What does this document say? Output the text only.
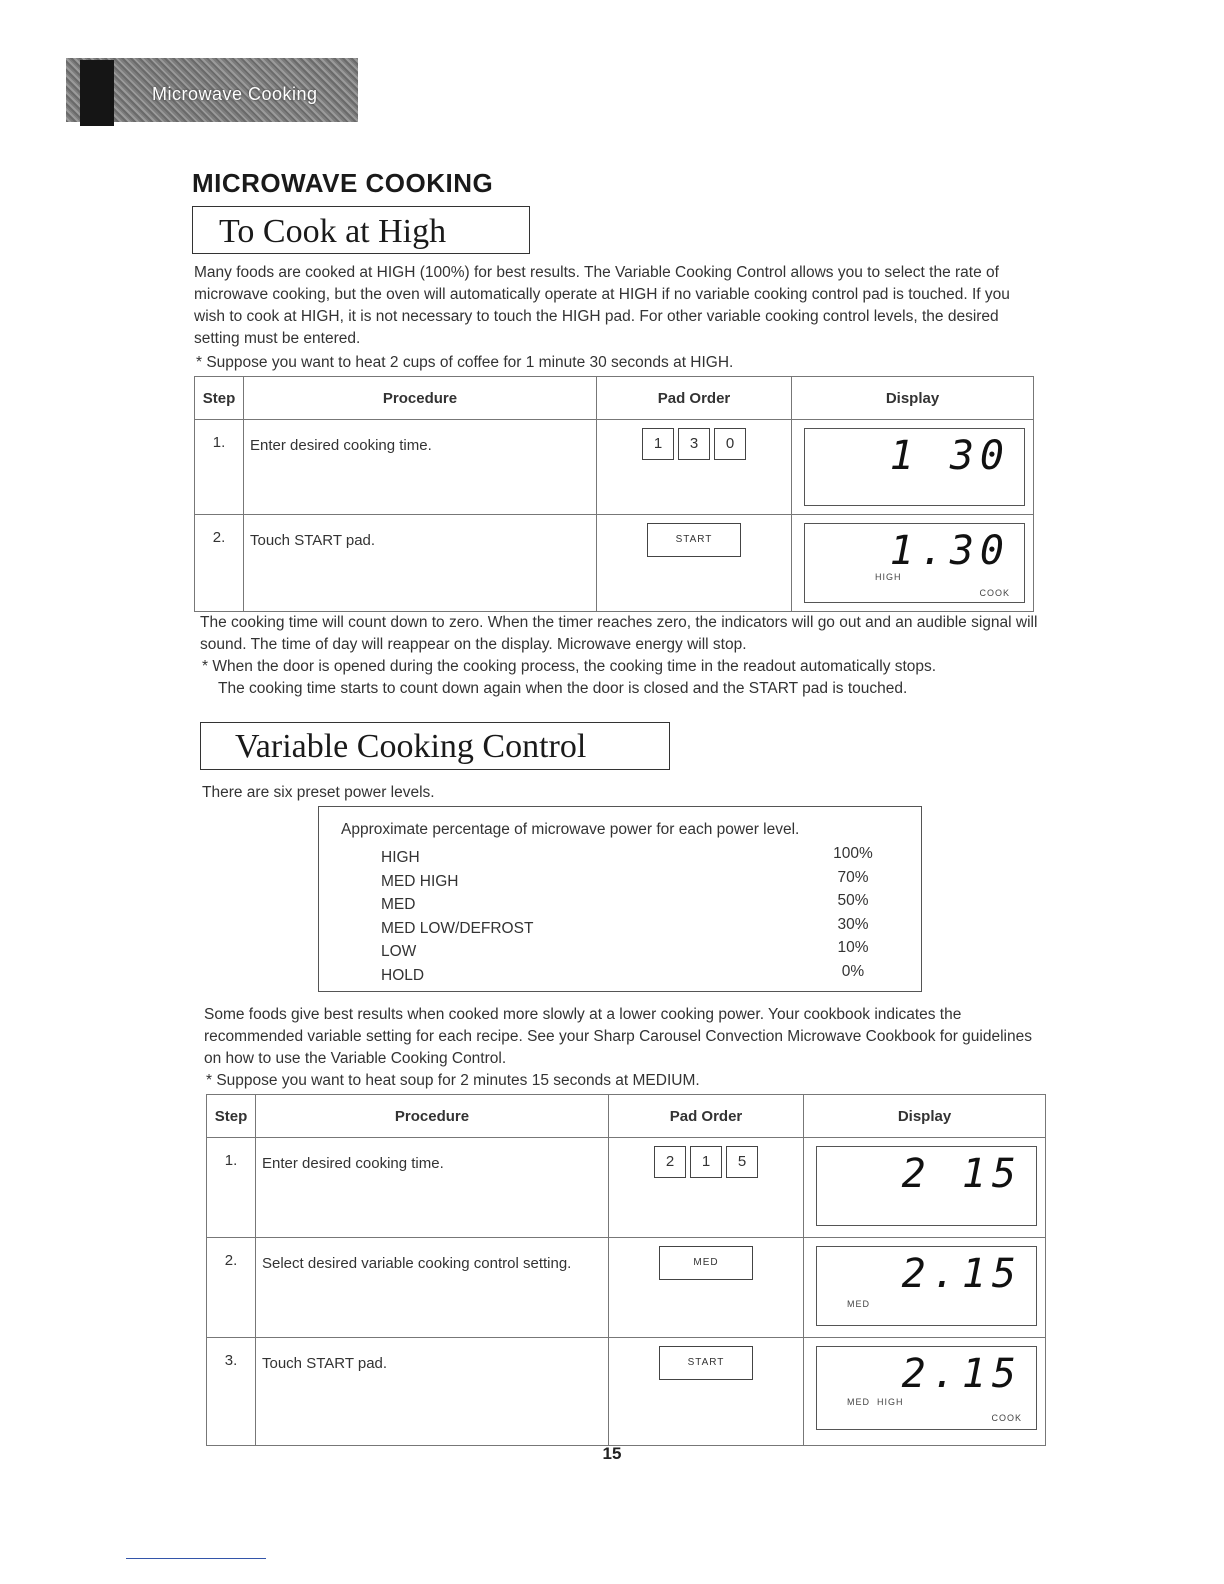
Microwave Cooking
MICROWAVE COOKING
To Cook at High
Many foods are cooked at HIGH (100%) for best results. The Variable Cooking Control allows you to select the rate of microwave cooking, but the oven will automatically operate at HIGH if no variable cooking control pad is touched. If you wish to cook at HIGH, it is not necessary to touch the HIGH pad. For other variable cooking control levels, the desired setting must be entered.
* Suppose you want to heat 2 cups of coffee for 1 minute 30 seconds at HIGH.
Step	Procedure	Pad Order	Display
1.	Enter desired cooking time.	1 3 0	1 30

2.	Touch START pad.	START	1.30
HIGH
COOK
The cooking time will count down to zero. When the timer reaches zero, the indicators will go out and an audible signal will sound. The time of day will reappear on the display. Microwave energy will stop.
* When the door is opened during the cooking process, the cooking time in the readout automatically stops.
The cooking time starts to count down again when the door is closed and the START pad is touched.
Variable Cooking Control
There are six preset power levels.
Approximate percentage of microwave power for each power level.
HIGH	100%
MED HIGH	70%
MED	50%
MED LOW/DEFROST	30%
LOW	10%
HOLD	0%
Some foods give best results when cooked more slowly at a lower cooking power. Your cookbook indicates the recommended variable setting for each recipe. See your Sharp Carousel Convection Microwave Cookbook for guidelines on how to use the Variable Cooking Control.
* Suppose you want to heat soup for 2 minutes 15 seconds at MEDIUM.
Step	Procedure	Pad Order	Display
1.	Enter desired cooking time.	2 1 5	2 15

2.	Select desired variable cooking control setting.	MED	2.15
MED

3.	Touch START pad.	START	2.15
MED  HIGH
COOK
15
